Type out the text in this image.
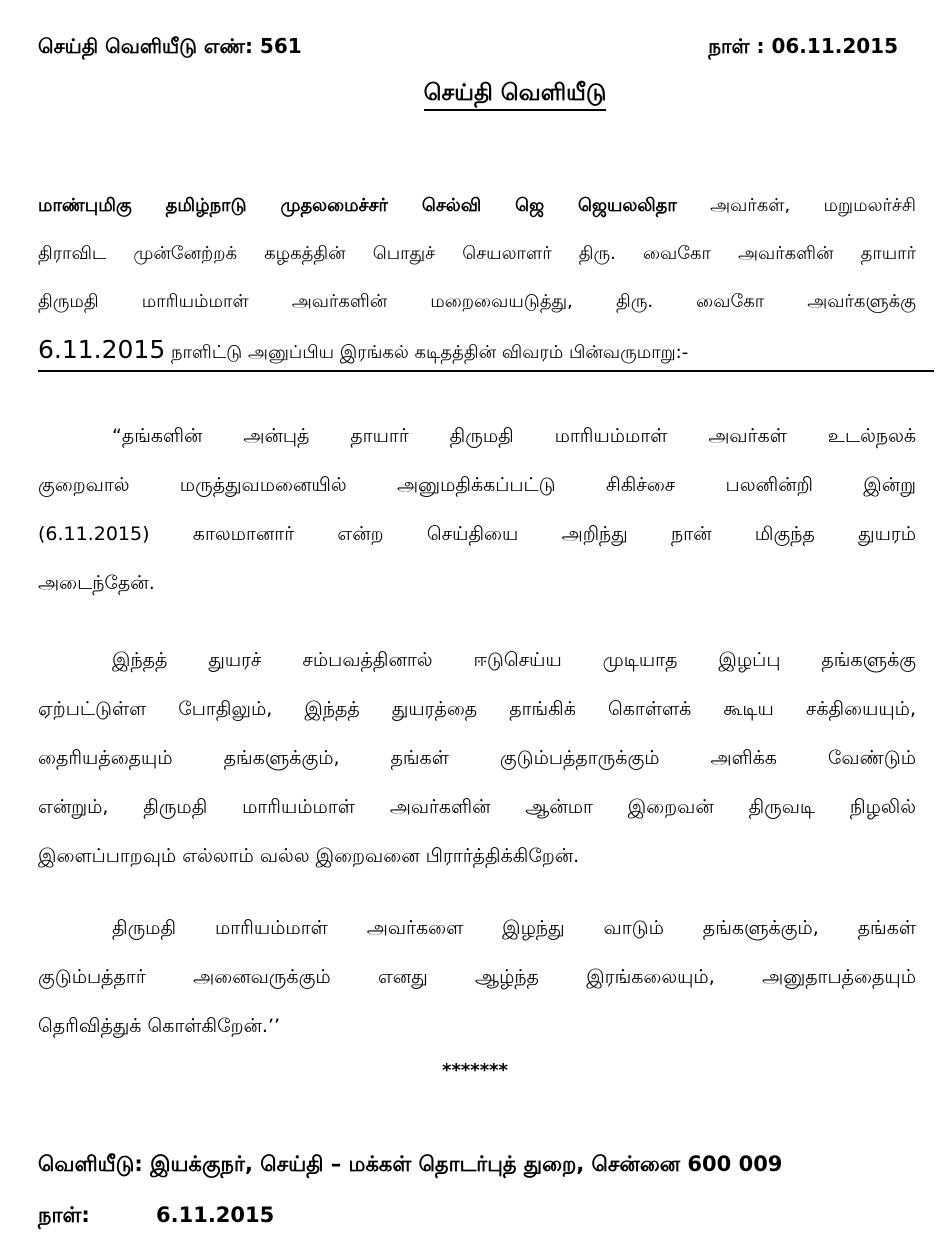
செய்தி வெளியீடு எண்: 561	நாள் : 06.11.2015
செய்தி வெளியீடு
மாண்புமிகு தமிழ்நாடு முதலமைச்சர் செல்வி ஜெ ஜெயலலிதா அவர்கள், மறுமலர்ச்சி
திராவிட முன்னேற்றக் கழகத்தின் பொதுச் செயலாளர் திரு. வைகோ அவர்களின் தாயார்
திருமதி மாரியம்மாள் அவர்களின் மறைவையடுத்து, திரு. வைகோ அவர்களுக்கு
6.11.2015 நாளிட்டு அனுப்பிய இரங்கல் கடிதத்தின் விவரம் பின்வருமாறு:-
“தங்களின் அன்புத் தாயார் திருமதி மாரியம்மாள் அவர்கள் உடல்நலக்
குறைவால் மருத்துவமனையில் அனுமதிக்கப்பட்டு சிகிச்சை பலனின்றி இன்று
(6.11.2015) காலமானார் என்ற செய்தியை அறிந்து நான் மிகுந்த துயரம்
அடைந்தேன்.
இந்தத் துயரச் சம்பவத்தினால் ஈடுசெய்ய முடியாத இழப்பு தங்களுக்கு
ஏற்பட்டுள்ள போதிலும், இந்தத் துயரத்தை தாங்கிக் கொள்ளக் கூடிய சக்தியையும்,
தைரியத்தையும் தங்களுக்கும், தங்கள் குடும்பத்தாருக்கும் அளிக்க வேண்டும்
என்றும், திருமதி மாரியம்மாள் அவர்களின் ஆன்மா இறைவன் திருவடி நிழலில்
இளைப்பாறவும் எல்லாம் வல்ல இறைவனை பிரார்த்திக்கிறேன்.
திருமதி மாரியம்மாள் அவர்களை இழந்து வாடும் தங்களுக்கும், தங்கள்
குடும்பத்தார் அனைவருக்கும் எனது ஆழ்ந்த இரங்கலையும், அனுதாபத்தையும்
தெரிவித்துக் கொள்கிறேன்.’’
*******
வெளியீடு: இயக்குநர், செய்தி – மக்கள் தொடர்புத் துறை, சென்னை 600 009
நாள்:	6.11.2015
